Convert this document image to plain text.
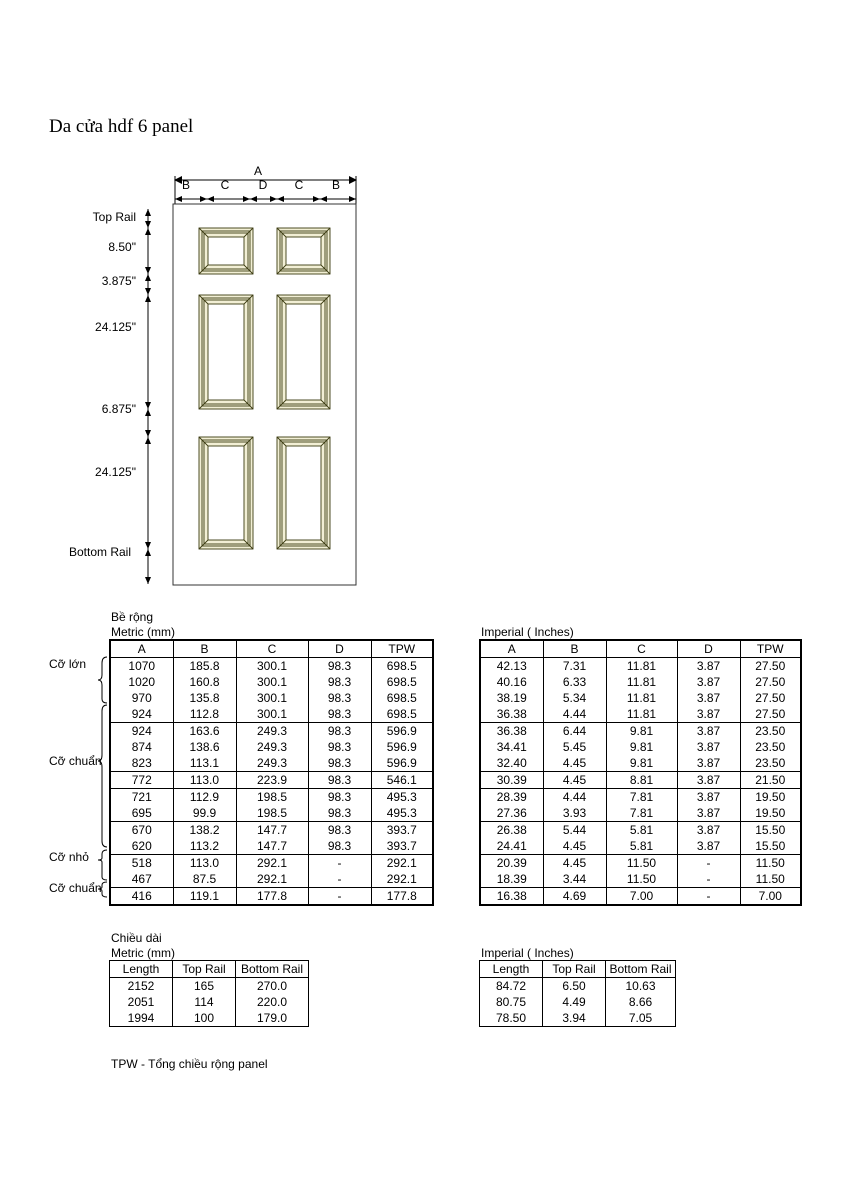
Da cửa hdf 6 panel
A
B	C D C B
Top Rail
8.50"
3.875"
24.125"
6.875"
24.125"
Bottom Rail
Bề rộng
Metric (mm)	Imperial ( Inches)
A	B	C	D	TPW
1070	185.8	300.1	98.3	698.5
1020	160.8	300.1	98.3	698.5
970	135.8	300.1	98.3	698.5
924	112.8	300.1	98.3	698.5
924	163.6	249.3	98.3	596.9
874	138.6	249.3	98.3	596.9
823	113.1	249.3	98.3	596.9
772	113.0	223.9	98.3	546.1
721	112.9	198.5	98.3	495.3
695	99.9	198.5	98.3	495.3
670	138.2	147.7	98.3	393.7
620	113.2	147.7	98.3	393.7
518	113.0	292.1	-	292.1
467	87.5	292.1	-	292.1
416	119.1	177.8	-	177.8
A	B	C	D	TPW
42.13	7.31	11.81	3.87	27.50
40.16	6.33	11.81	3.87	27.50
38.19	5.34	11.81	3.87	27.50
36.38	4.44	11.81	3.87	27.50
36.38	6.44	9.81	3.87	23.50
34.41	5.45	9.81	3.87	23.50
32.40	4.45	9.81	3.87	23.50
30.39	4.45	8.81	3.87	21.50
28.39	4.44	7.81	3.87	19.50
27.36	3.93	7.81	3.87	19.50
26.38	5.44	5.81	3.87	15.50
24.41	4.45	5.81	3.87	15.50
20.39	4.45	11.50	-	11.50
18.39	3.44	11.50	-	11.50
16.38	4.69	7.00	-	7.00
Cỡ lớn
Cỡ chuẩn
Cỡ nhỏ
Cỡ chuẩn
Chiều dài
Metric (mm)	Imperial ( Inches)
Length	Top Rail	Bottom Rail
2152	165	270.0
2051	114	220.0
1994	100	179.0
Length	Top Rail	Bottom Rail
84.72	6.50	10.63
80.75	4.49	8.66
78.50	3.94	7.05
TPW - Tổng chiều rộng panel
